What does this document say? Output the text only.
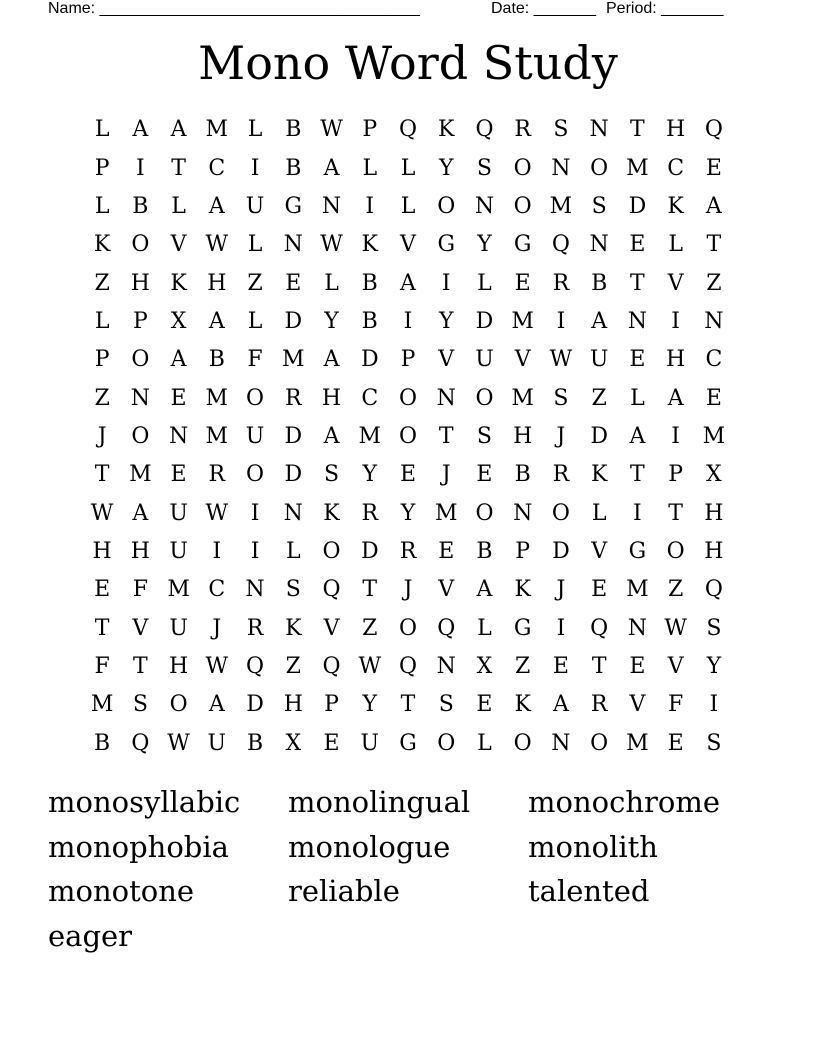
Name: ____________________________________	Date: _______ Period: _______
Mono Word Study
L	A	A	M	L	B	W	P	Q	K	Q	R	S	N	T	H	Q
P	I	T	C	I	B	A	L	L	Y	S	O	N	O	M	C	E
L	B	L	A	U	G	N	I	L	O	N	O	M	S	D	K	A
K	O	V	W	L	N	W	K	V	G	Y	G	Q	N	E	L	T
Z	H	K	H	Z	E	L	B	A	I	L	E	R	B	T	V	Z
L	P	X	A	L	D	Y	B	I	Y	D	M	I	A	N	I	N
P	O	A	B	F	M	A	D	P	V	U	V	W	U	E	H	C
Z	N	E	M	O	R	H	C	O	N	O	M	S	Z	L	A	E
J	O	N	M	U	D	A	M	O	T	S	H	J	D	A	I	M
T	M	E	R	O	D	S	Y	E	J	E	B	R	K	T	P	X
W	A	U	W	I	N	K	R	Y	M	O	N	O	L	I	T	H
H	H	U	I	I	L	O	D	R	E	B	P	D	V	G	O	H
E	F	M	C	N	S	Q	T	J	V	A	K	J	E	M	Z	Q
T	V	U	J	R	K	V	Z	O	Q	L	G	I	Q	N	W	S
F	T	H	W	Q	Z	Q	W	Q	N	X	Z	E	T	E	V	Y
M	S	O	A	D	H	P	Y	T	S	E	K	A	R	V	F	I
B	Q	W	U	B	X	E	U	G	O	L	O	N	O	M	E	S
monosyllabic	monolingual	monochrome
monophobia	monologue	monolith
monotone	reliable	talented
eager
